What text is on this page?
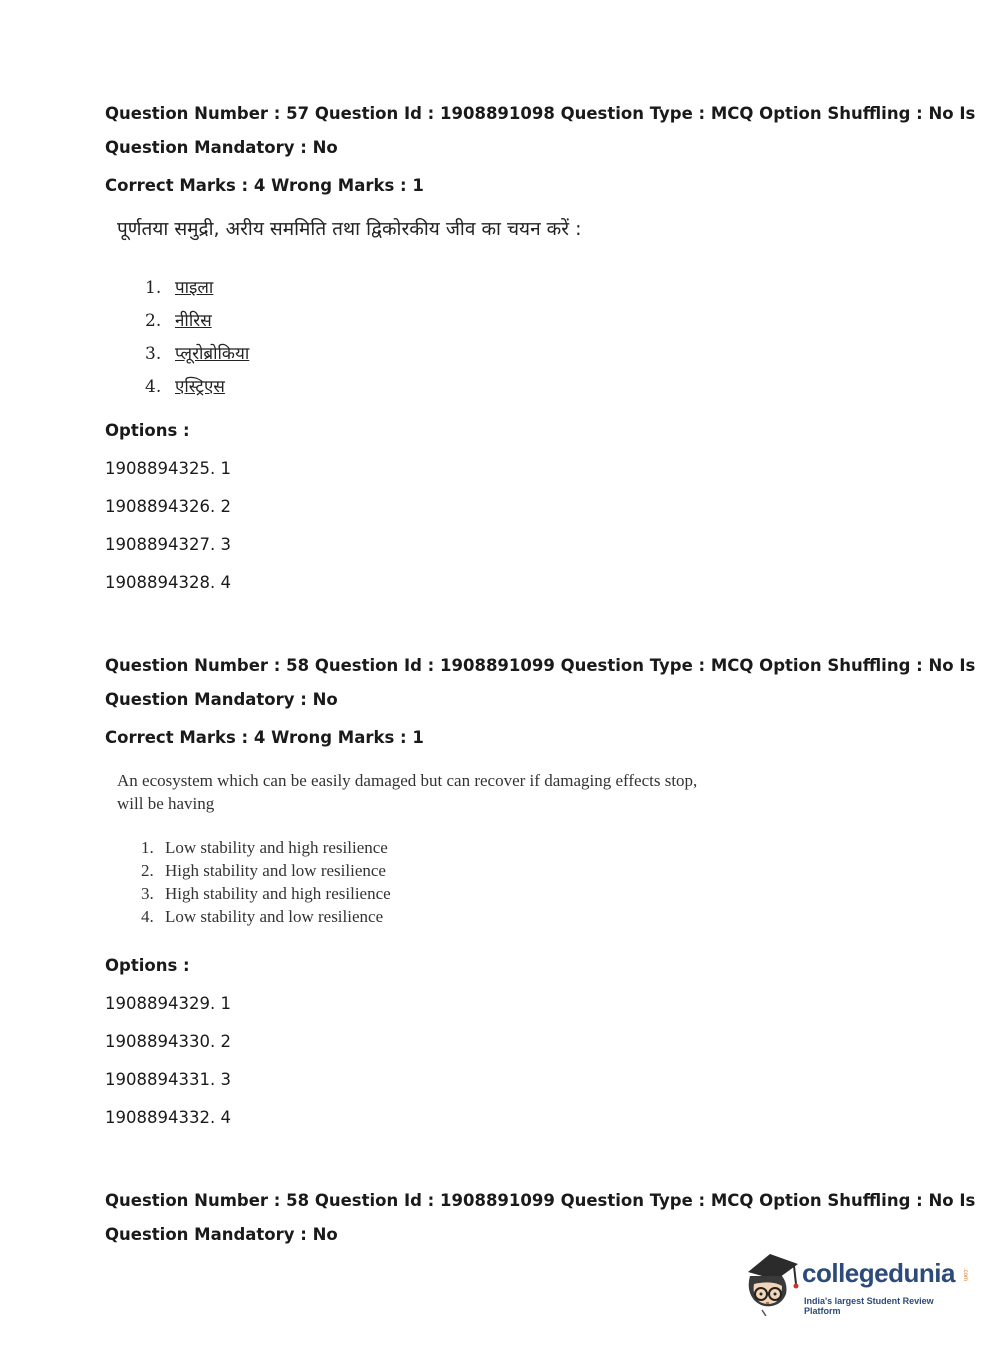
Question Number : 57 Question Id : 1908891098 Question Type : MCQ Option Shuffling : No Is
Question Mandatory : No
Correct Marks : 4 Wrong Marks : 1
पूर्णतया समुद्री, अरीय सममिति तथा द्विकोरकीय जीव का चयन करें :
1. पाइला
2. नीरिस
3. प्लूरोब्रोकिया
4. एस्ट्रिएस
Options :
1908894325. 1
1908894326. 2
1908894327. 3
1908894328. 4
Question Number : 58 Question Id : 1908891099 Question Type : MCQ Option Shuffling : No Is
Question Mandatory : No
Correct Marks : 4 Wrong Marks : 1
An ecosystem which can be easily damaged but can recover if damaging effects stop, will be having
1. Low stability and high resilience
2. High stability and low resilience
3. High stability and high resilience
4. Low stability and low resilience
Options :
1908894329. 1
1908894330. 2
1908894331. 3
1908894332. 4
Question Number : 58 Question Id : 1908891099 Question Type : MCQ Option Shuffling : No Is
Question Mandatory : No
collegedunia .com
India's largest Student Review Platform
